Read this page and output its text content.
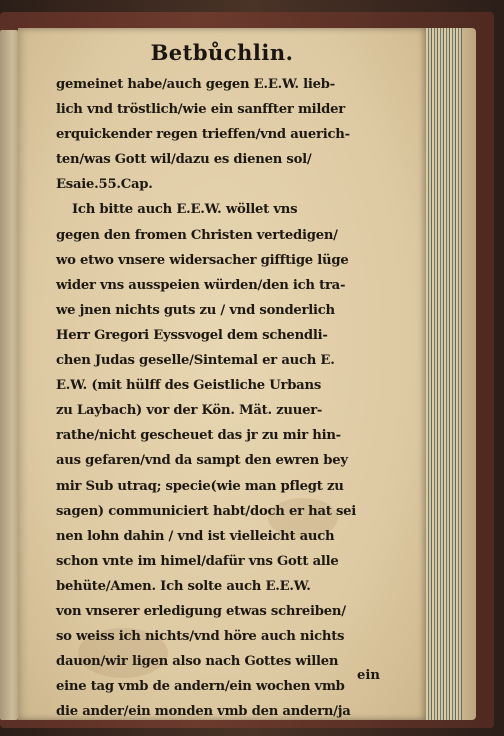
Betbůchlin.
gemeinet habe/auch gegen E.E.W. lieb-
lich vnd tröstlich/wie ein sanffter milder
erquickender regen trieffen/vnd auerich-
ten/was Gott wil/dazu es dienen sol/
Esaie.55.Cap.
Ich bitte auch E.E.W. wöllet vns
gegen den fromen Christen vertedigen/
wo etwo vnsere widersacher gifftige lüge
wider vns ausspeien würden/den ich tra-
we jnen nichts guts zu / vnd sonderlich
Herr Gregori Eyssvogel dem schendli-
chen Judas geselle/Sintemal er auch E.
E.W. (mit hülff des Geistliche Urbans
zu Laybach) vor der Kön. Mät. zuuer-
rathe/nicht gescheuet das jr zu mir hin-
aus gefaren/vnd da sampt den ewren bey
mir Sub utraq; specie(wie man pflegt zu
sagen) communiciert habt/doch er hat sei
nen lohn dahin / vnd ist vielleicht auch
schon vnte im himel/dafür vns Gott alle
behüte/Amen. Ich solte auch E.E.W.
von vnserer erledigung etwas schreiben/
so weiss ich nichts/vnd höre auch nichts
dauon/wir ligen also nach Gottes willen
eine tag vmb de andern/ein wochen vmb
die ander/ein monden vmb den andern/ja
ein
